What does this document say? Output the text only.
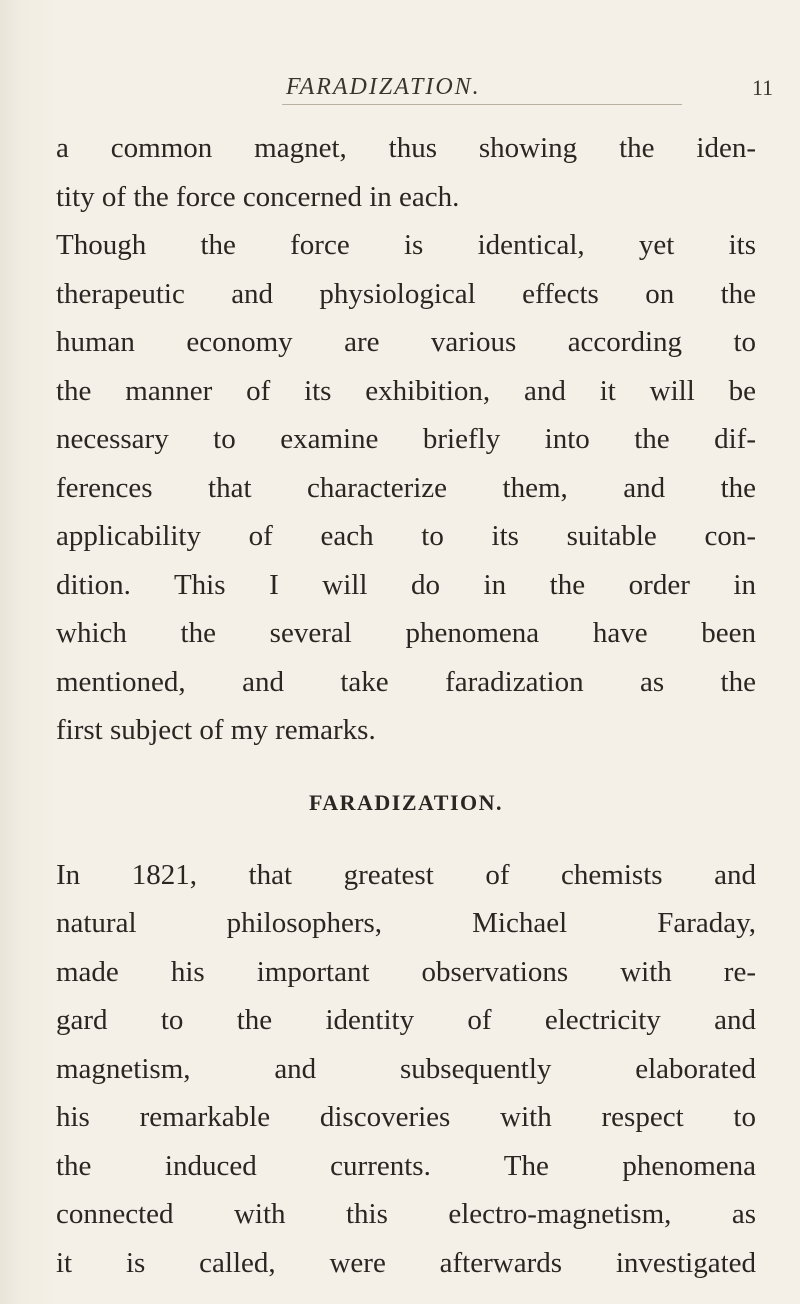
FARADIZATION.	11
a common magnet, thus showing the iden-
tity of the force concerned in each.
Though the force is identical, yet its
therapeutic and physiological effects on the
human economy are various according to
the manner of its exhibition, and it will be
necessary to examine briefly into the dif-
ferences that characterize them, and the
applicability of each to its suitable con-
dition. This I will do in the order in
which the several phenomena have been
mentioned, and take faradization as the
first subject of my remarks.
FARADIZATION.
In 1821, that greatest of chemists and
natural philosophers, Michael Faraday,
made his important observations with re-
gard to the identity of electricity and
magnetism, and subsequently elaborated
his remarkable discoveries with respect to
the induced currents. The phenomena
connected with this electro-magnetism, as
it is called, were afterwards investigated
